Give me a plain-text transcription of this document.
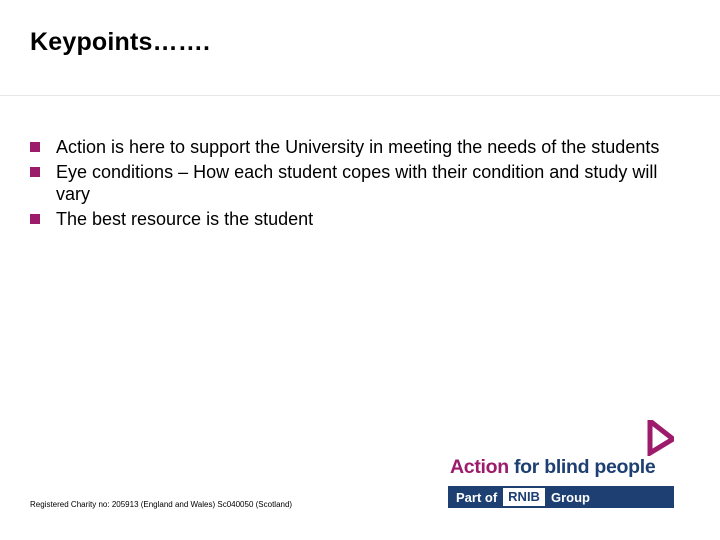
Keypoints…….
Action is here to support the University in meeting the needs of the students
Eye conditions – How each student copes with their condition and study will vary
The best resource is the student
Registered Charity no: 205913 (England and Wales) Sc040050 (Scotland)
Action for blind people
Part of RNIB Group
